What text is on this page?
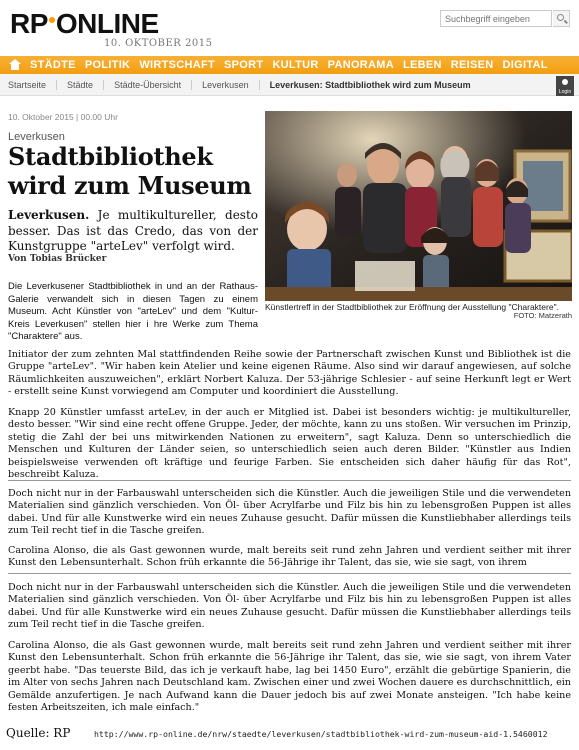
RP ONLINE
10. OKTOBER 2015
Suchbegriff eingeben
STÄDTE POLITIK WIRTSCHAFT SPORT KULTUR PANORAMA LEBEN REISEN DIGITAL
Startseite	Städte	Städte-Übersicht	Leverkusen	Leverkusen: Stadtbibliothek wird zum Museum
Login
10. Oktober 2015 | 00.00 Uhr
Leverkusen
Stadtbibliothek wird zum Museum

Leverkusen. Je multikultureller, desto besser. Das ist das Credo, das von der Kunstgruppe "arteLev" verfolgt wird.

Von Tobias Brücker

Die Leverkusener Stadtbibliothek in und an der Rathaus-Galerie verwandelt sich in diesen Tagen zu einem Museum. Acht Künstler von "arteLev" und dem "Kultur-Kreis Leverkusen" stellen hier i hre Werke zum Thema "Charaktere" aus.

Künstlertreff in der Stadtbibliothek zur Eröffnung der Ausstellung "Charaktere".
FOTO: Matzerath

Initiator der zum zehnten Mal stattfindenden Reihe sowie der Partnerschaft zwischen Kunst und Bibliothek ist die Gruppe "arteLev". "Wir haben kein Atelier und keine eigenen Räume. Also sind wir darauf angewiesen, auf solche Räumlichkeiten auszuweichen", erklärt Norbert Kaluza. Der 53-jährige Schlesier - auf seine Herkunft legt er Wert - erstellt seine Kunst vorwiegend am Computer und koordiniert die Ausstellung.

Knapp 20 Künstler umfasst arteLev, in der auch er Mitglied ist. Dabei ist besonders wichtig: je multikultureller, desto besser. "Wir sind eine recht offene Gruppe. Jeder, der möchte, kann zu uns stoßen. Wir versuchen im Prinzip, stetig die Zahl der bei uns mitwirkenden Nationen zu erweitern", sagt Kaluza. Denn so unterschiedlich die Menschen und Kulturen der Länder seien, so unterschiedlich seien auch deren Bilder. "Künstler aus Indien beispielsweise verwenden oft kräftige und feurige Farben. Sie entscheiden sich daher häufig für das Rot", beschreibt Kaluza.

Doch nicht nur in der Farbauswahl unterscheiden sich die Künstler. Auch die jeweiligen Stile und die verwendeten Materialien sind gänzlich verschieden. Von Öl- über Acrylfarbe und Filz bis hin zu lebensgroßen Puppen ist alles dabei. Und für alle Kunstwerke wird ein neues Zuhause gesucht. Dafür müssen die Kunstliebhaber allerdings teils zum Teil recht tief in die Tasche greifen.

Carolina Alonso, die als Gast gewonnen wurde, malt bereits seit rund zehn Jahren und verdient seither mit ihrer Kunst den Lebensunterhalt. Schon früh erkannte die 56-Jährige ihr Talent, das sie, wie sie sagt, von ihrem

Doch nicht nur in der Farbauswahl unterscheiden sich die Künstler. Auch die jeweiligen Stile und die verwendeten Materialien sind gänzlich verschieden. Von Öl- über Acrylfarbe und Filz bis hin zu lebensgroßen Puppen ist alles dabei. Und für alle Kunstwerke wird ein neues Zuhause gesucht. Dafür müssen die Kunstliebhaber allerdings teils zum Teil recht tief in die Tasche greifen.

Carolina Alonso, die als Gast gewonnen wurde, malt bereits seit rund zehn Jahren und verdient seither mit ihrer Kunst den Lebensunterhalt. Schon früh erkannte die 56-Jährige ihr Talent, das sie, wie sie sagt, von ihrem Vater geerbt habe. "Das teuerste Bild, das ich je verkauft habe, lag bei 1450 Euro", erzählt die gebürtige Spanierin, die im Alter von sechs Jahren nach Deutschland kam. Zwischen einer und zwei Wochen dauere es durchschnittlich, ein Gemälde anzufertigen. Je nach Aufwand kann die Dauer jedoch bis auf zwei Monate ansteigen. "Ich habe keine festen Arbeitszeiten, ich male einfach."

Quelle: RP	http://www.rp-online.de/nrw/staedte/leverkusen/stadtbibliothek-wird-zum-museum-aid-1.5460012
